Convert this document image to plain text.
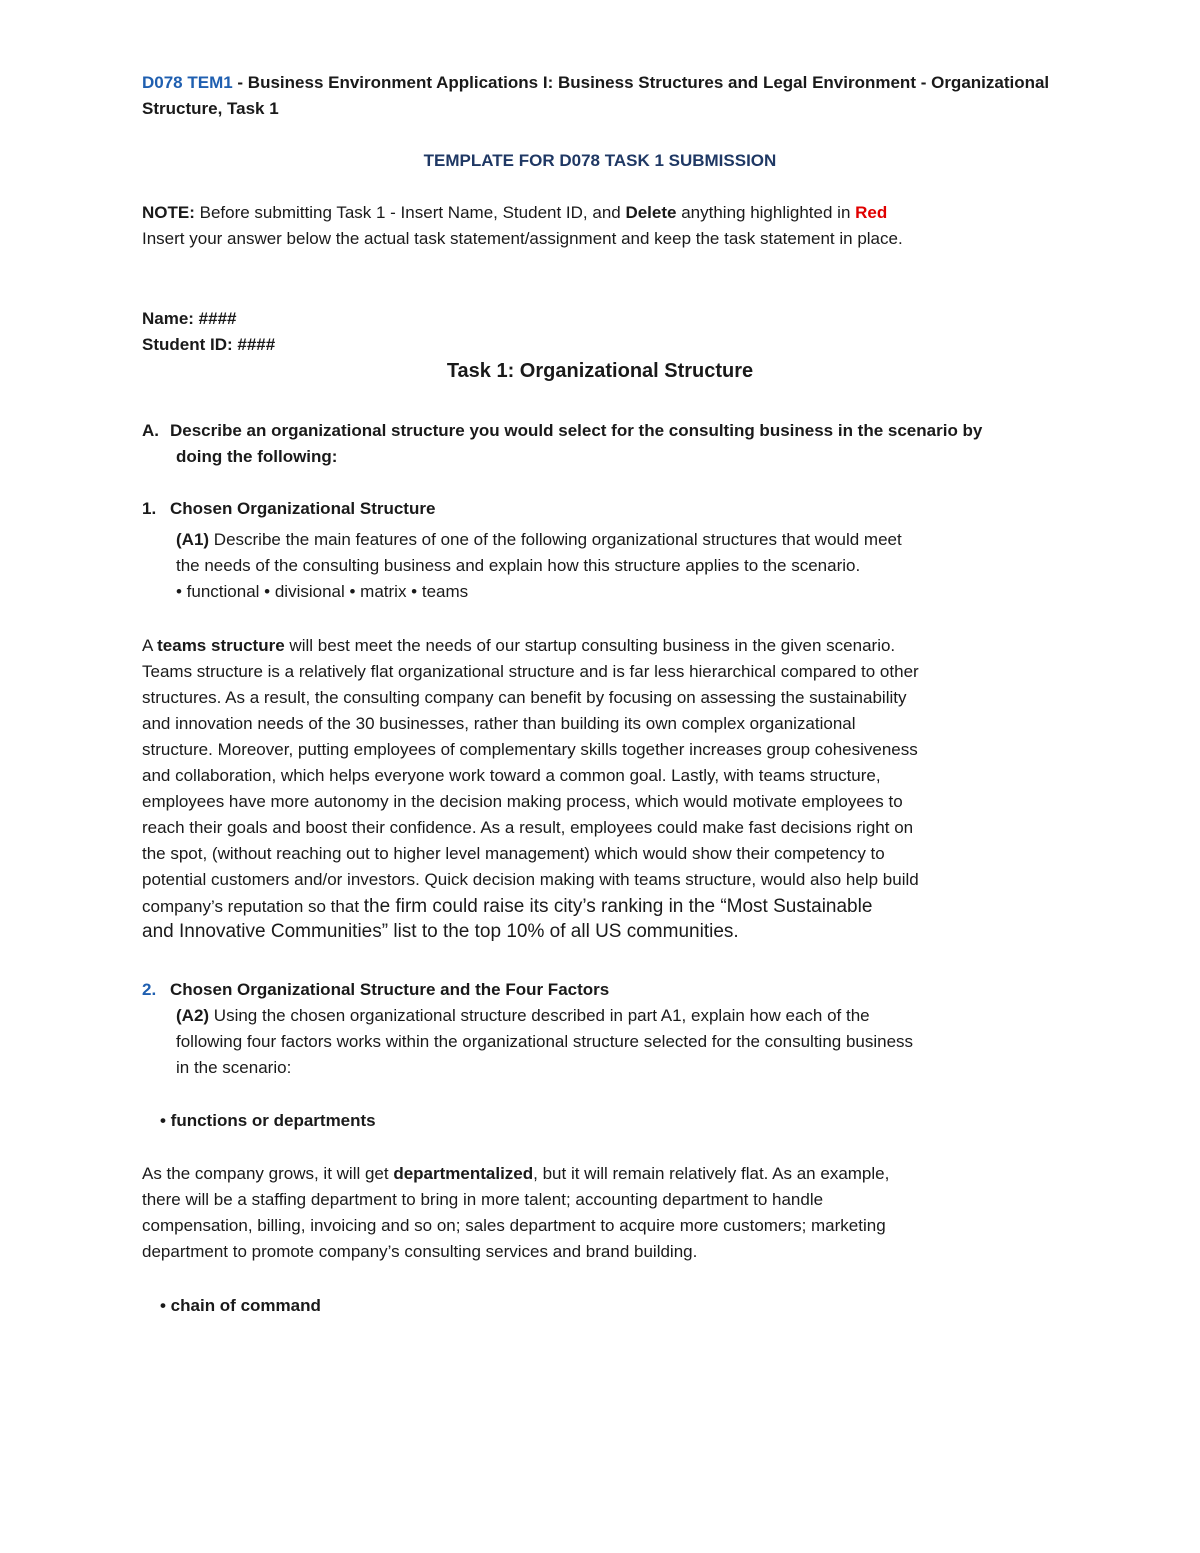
D078 TEM1 - Business Environment Applications I: Business Structures and Legal Environment - Organizational
Structure, Task 1
TEMPLATE FOR D078 TASK 1 SUBMISSION
NOTE: Before submitting Task 1 - Insert Name, Student ID, and Delete anything highlighted in Red
Insert your answer below the actual task statement/assignment and keep the task statement in place.
Name: ####
Student ID: ####
Task 1: Organizational Structure
A. Describe an organizational structure you would select for the consulting business in the scenario by
doing the following:
1. Chosen Organizational Structure
(A1) Describe the main features of one of the following organizational structures that would meet
the needs of the consulting business and explain how this structure applies to the scenario.
• functional • divisional • matrix • teams
A teams structure will best meet the needs of our startup consulting business in the given scenario.
Teams structure is a relatively flat organizational structure and is far less hierarchical compared to other
structures. As a result, the consulting company can benefit by focusing on assessing the sustainability
and innovation needs of the 30 businesses, rather than building its own complex organizational
structure. Moreover, putting employees of complementary skills together increases group cohesiveness
and collaboration, which helps everyone work toward a common goal. Lastly, with teams structure,
employees have more autonomy in the decision making process, which would motivate employees to
reach their goals and boost their confidence. As a result, employees could make fast decisions right on
the spot, (without reaching out to higher level management) which would show their competency to
potential customers and/or investors. Quick decision making with teams structure, would also help build
company’s reputation so that the firm could raise its city’s ranking in the “Most Sustainable
and Innovative Communities” list to the top 10% of all US communities.
2. Chosen Organizational Structure and the Four Factors
(A2) Using the chosen organizational structure described in part A1, explain how each of the
following four factors works within the organizational structure selected for the consulting business
in the scenario:
• functions or departments
As the company grows, it will get departmentalized, but it will remain relatively flat. As an example,
there will be a staffing department to bring in more talent; accounting department to handle
compensation, billing, invoicing and so on; sales department to acquire more customers; marketing
department to promote company’s consulting services and brand building.
• chain of command
